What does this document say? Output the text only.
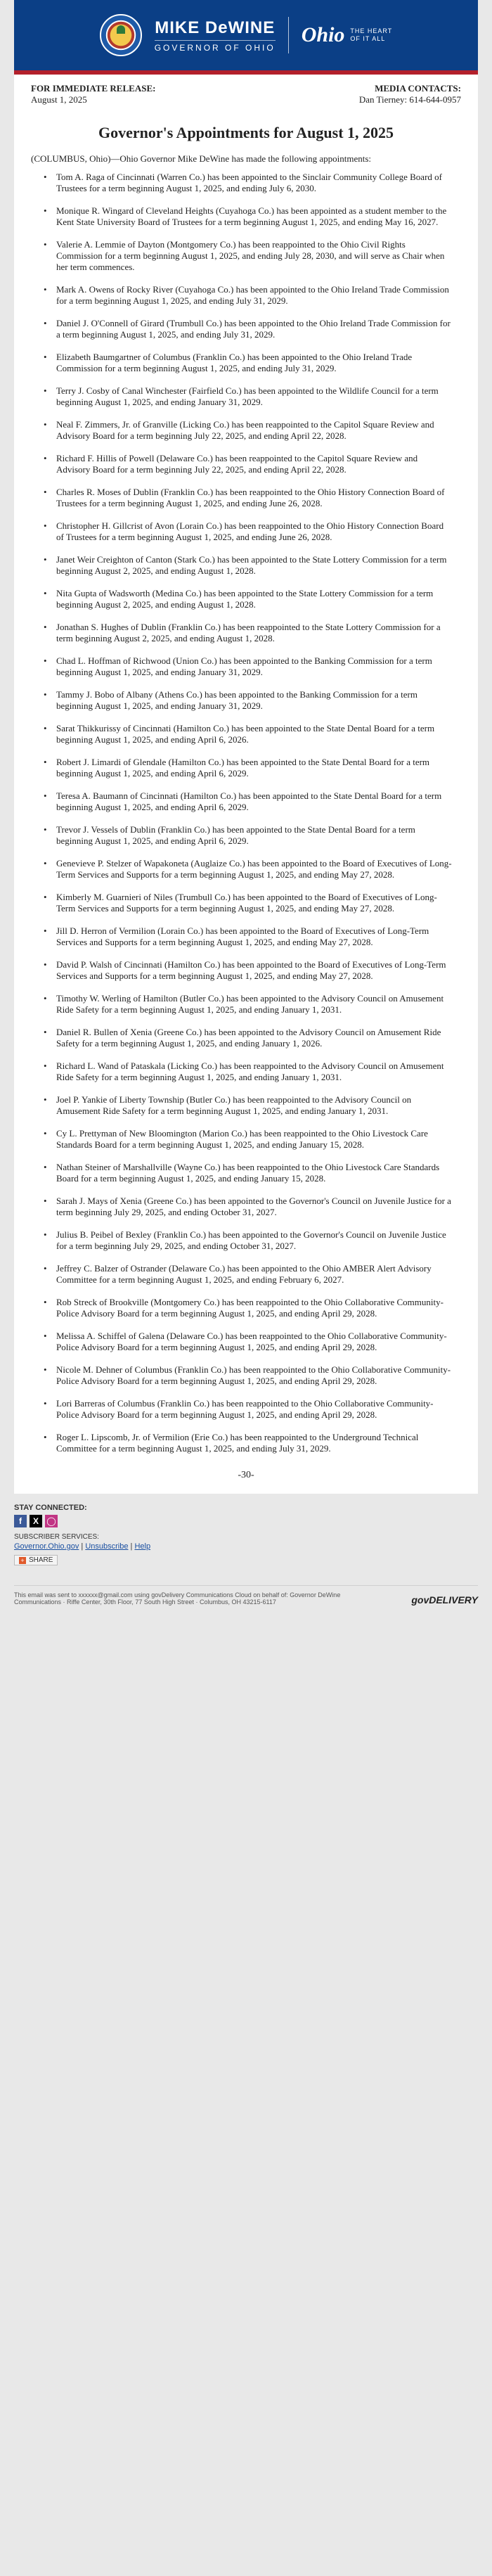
MIKE DeWINE
GOVERNOR OF OHIO
Ohio THE HEART
OF IT ALL
FOR IMMEDIATE RELEASE:
August 1, 2025
MEDIA CONTACTS:
Dan Tierney: 614-644-0957
Governor's Appointments for August 1, 2025

(COLUMBUS, Ohio)—Ohio Governor Mike DeWine has made the following appointments:

• Tom A. Raga of Cincinnati (Warren Co.) has been appointed to the Sinclair Community College Board of Trustees for a term beginning August 1, 2025, and ending July 6, 2030.
• Monique R. Wingard of Cleveland Heights (Cuyahoga Co.) has been appointed as a student member to the Kent State University Board of Trustees for a term beginning August 1, 2025, and ending May 16, 2027.
• Valerie A. Lemmie of Dayton (Montgomery Co.) has been reappointed to the Ohio Civil Rights Commission for a term beginning August 1, 2025, and ending July 28, 2030, and will serve as Chair when her term commences.
• Mark A. Owens of Rocky River (Cuyahoga Co.) has been appointed to the Ohio Ireland Trade Commission for a term beginning August 1, 2025, and ending July 31, 2029.
• Daniel J. O'Connell of Girard (Trumbull Co.) has been appointed to the Ohio Ireland Trade Commission for a term beginning August 1, 2025, and ending July 31, 2029.
• Elizabeth Baumgartner of Columbus (Franklin Co.) has been appointed to the Ohio Ireland Trade Commission for a term beginning August 1, 2025, and ending July 31, 2029.
• Terry J. Cosby of Canal Winchester (Fairfield Co.) has been appointed to the Wildlife Council for a term beginning August 1, 2025, and ending January 31, 2029.
• Neal F. Zimmers, Jr. of Granville (Licking Co.) has been reappointed to the Capitol Square Review and Advisory Board for a term beginning July 22, 2025, and ending April 22, 2028.
• Richard F. Hillis of Powell (Delaware Co.) has been reappointed to the Capitol Square Review and Advisory Board for a term beginning July 22, 2025, and ending April 22, 2028.
• Charles R. Moses of Dublin (Franklin Co.) has been reappointed to the Ohio History Connection Board of Trustees for a term beginning August 1, 2025, and ending June 26, 2028.
• Christopher H. Gillcrist of Avon (Lorain Co.) has been reappointed to the Ohio History Connection Board of Trustees for a term beginning August 1, 2025, and ending June 26, 2028.
• Janet Weir Creighton of Canton (Stark Co.) has been appointed to the State Lottery Commission for a term beginning August 2, 2025, and ending August 1, 2028.
• Nita Gupta of Wadsworth (Medina Co.) has been appointed to the State Lottery Commission for a term beginning August 2, 2025, and ending August 1, 2028.
• Jonathan S. Hughes of Dublin (Franklin Co.) has been reappointed to the State Lottery Commission for a term beginning August 2, 2025, and ending August 1, 2028.
• Chad L. Hoffman of Richwood (Union Co.) has been appointed to the Banking Commission for a term beginning August 1, 2025, and ending January 31, 2029.
• Tammy J. Bobo of Albany (Athens Co.) has been appointed to the Banking Commission for a term beginning August 1, 2025, and ending January 31, 2029.
• Sarat Thikkurissy of Cincinnati (Hamilton Co.) has been appointed to the State Dental Board for a term beginning August 1, 2025, and ending April 6, 2026.
• Robert J. Limardi of Glendale (Hamilton Co.) has been appointed to the State Dental Board for a term beginning August 1, 2025, and ending April 6, 2029.
• Teresa A. Baumann of Cincinnati (Hamilton Co.) has been appointed to the State Dental Board for a term beginning August 1, 2025, and ending April 6, 2029.
• Trevor J. Vessels of Dublin (Franklin Co.) has been appointed to the State Dental Board for a term beginning August 1, 2025, and ending April 6, 2029.
• Genevieve P. Stelzer of Wapakoneta (Auglaize Co.) has been appointed to the Board of Executives of Long-Term Services and Supports for a term beginning August 1, 2025, and ending May 27, 2028.
• Kimberly M. Guarnieri of Niles (Trumbull Co.) has been appointed to the Board of Executives of Long-Term Services and Supports for a term beginning August 1, 2025, and ending May 27, 2028.
• Jill D. Herron of Vermilion (Lorain Co.) has been appointed to the Board of Executives of Long-Term Services and Supports for a term beginning August 1, 2025, and ending May 27, 2028.
• David P. Walsh of Cincinnati (Hamilton Co.) has been appointed to the Board of Executives of Long-Term Services and Supports for a term beginning August 1, 2025, and ending May 27, 2028.
• Timothy W. Werling of Hamilton (Butler Co.) has been appointed to the Advisory Council on Amusement Ride Safety for a term beginning August 1, 2025, and ending January 1, 2031.
• Daniel R. Bullen of Xenia (Greene Co.) has been appointed to the Advisory Council on Amusement Ride Safety for a term beginning August 1, 2025, and ending January 1, 2026.
• Richard L. Wand of Pataskala (Licking Co.) has been reappointed to the Advisory Council on Amusement Ride Safety for a term beginning August 1, 2025, and ending January 1, 2031.
• Joel P. Yankie of Liberty Township (Butler Co.) has been reappointed to the Advisory Council on Amusement Ride Safety for a term beginning August 1, 2025, and ending January 1, 2031.
• Cy L. Prettyman of New Bloomington (Marion Co.) has been reappointed to the Ohio Livestock Care Standards Board for a term beginning August 1, 2025, and ending January 15, 2028.
• Nathan Steiner of Marshallville (Wayne Co.) has been reappointed to the Ohio Livestock Care Standards Board for a term beginning August 1, 2025, and ending January 15, 2028.
• Sarah J. Mays of Xenia (Greene Co.) has been appointed to the Governor's Council on Juvenile Justice for a term beginning July 29, 2025, and ending October 31, 2027.
• Julius B. Peibel of Bexley (Franklin Co.) has been appointed to the Governor's Council on Juvenile Justice for a term beginning July 29, 2025, and ending October 31, 2027.
• Jeffrey C. Balzer of Ostrander (Delaware Co.) has been appointed to the Ohio AMBER Alert Advisory Committee for a term beginning August 1, 2025, and ending February 6, 2027.
• Rob Streck of Brookville (Montgomery Co.) has been reappointed to the Ohio Collaborative Community-Police Advisory Board for a term beginning August 1, 2025, and ending April 29, 2028.
• Melissa A. Schiffel of Galena (Delaware Co.) has been reappointed to the Ohio Collaborative Community-Police Advisory Board for a term beginning August 1, 2025, and ending April 29, 2028.
• Nicole M. Dehner of Columbus (Franklin Co.) has been reappointed to the Ohio Collaborative Community-Police Advisory Board for a term beginning August 1, 2025, and ending April 29, 2028.
• Lori Barreras of Columbus (Franklin Co.) has been reappointed to the Ohio Collaborative Community-Police Advisory Board for a term beginning August 1, 2025, and ending April 29, 2028.
• Roger L. Lipscomb, Jr. of Vermilion (Erie Co.) has been reappointed to the Underground Technical Committee for a term beginning August 1, 2025, and ending July 31, 2029.
-30-
STAY CONNECTED:
f	X ◯
SUBSCRIBER SERVICES:
Governor.Ohio.gov | Unsubscribe | Help
+ SHARE
This email was sent to xxxxxx@gmail.com using govDelivery Communications Cloud on behalf of: Governor DeWine Communications · Riffe Center, 30th Floor, 77 South High Street · Columbus, OH 43215-6117	govDELIVERY
